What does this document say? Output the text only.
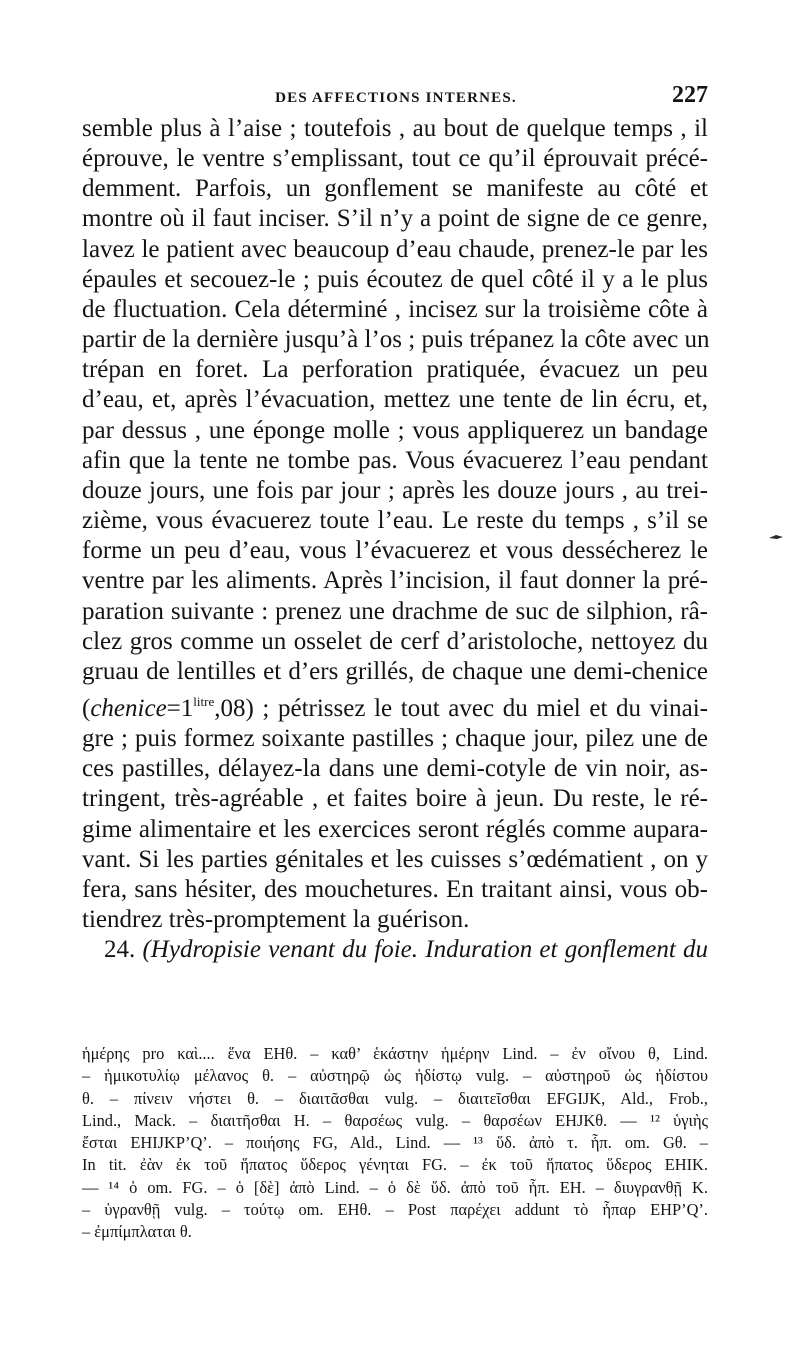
DES AFFECTIONS INTERNES.	227
semble plus à l’aise ; toutefois , au bout de quelque temps , il
éprouve, le ventre s’emplissant, tout ce qu’il éprouvait précé-
demment. Parfois, un gonflement se manifeste au côté et
montre où il faut inciser. S’il n’y a point de signe de ce genre,
lavez le patient avec beaucoup d’eau chaude, prenez-le par les
épaules et secouez-le ; puis écoutez de quel côté il y a le plus
de fluctuation. Cela déterminé , incisez sur la troisième côte à
partir de la dernière jusqu’à l’os ; puis trépanez la côte avec un
trépan en foret. La perforation pratiquée, évacuez un peu
d’eau, et, après l’évacuation, mettez une tente de lin écru, et,
par dessus , une éponge molle ; vous appliquerez un bandage
afin que la tente ne tombe pas. Vous évacuerez l’eau pendant
douze jours, une fois par jour ; après les douze jours , au trei-
zième, vous évacuerez toute l’eau. Le reste du temps , s’il se
forme un peu d’eau, vous l’évacuerez et vous dessécherez le
ventre par les aliments. Après l’incision, il faut donner la pré-
paration suivante : prenez une drachme de suc de silphion, râ-
clez gros comme un osselet de cerf d’aristoloche, nettoyez du
gruau de lentilles et d’ers grillés, de chaque une demi-chenice
$(chenice=1^{litre},08)$ ; pétrissez le tout avec du miel et du vinai-
gre ; puis formez soixante pastilles ; chaque jour, pilez une de
ces pastilles, délayez-la dans une demi-cotyle de vin noir, as-
tringent, très-agréable , et faites boire à jeun. Du reste, le ré-
gime alimentaire et les exercices seront réglés comme aupara-
vant. Si les parties génitales et les cuisses s’œdématient , on y
fera, sans hésiter, des mouchetures. En traitant ainsi, vous ob-
tiendrez très-promptement la guérison.
24. (Hydropisie venant du foie. Induration et gonflement du
ἡμέρης pro καὶ.... ἕνα EHθ. – καθ’ ἑκάστην ἡμέρην Lind. – ἐν οἴνου θ, Lind.
– ἡμικοτυλίῳ μέλανος θ. – αὐστηρῷ ὡς ἡδίστῳ vulg. – αὐστηροῦ ὡς ἡδίστου
θ. – πίνειν νήστει θ. – διαιτᾶσθαι vulg. – διαιτεῖσθαι EFGIJK, Ald., Frob.,
Lind., Mack. – διαιτῆσθαι H. – θαρσέως vulg. – θαρσέων EHJKθ. — ¹² ὑγιὴς
ἔσται EHIJKP’Q’. – ποιήσης FG, Ald., Lind. — ¹³ ὕδ. ἀπὸ τ. ἧπ. om. Gθ. –
In tit. ἐὰν ἐκ τοῦ ἥπατος ὕδερος γένηται FG. – ἐκ τοῦ ἥπατος ὕδερος EHIK.
— ¹⁴ ὁ om. FG. – ὁ [δὲ] ἀπὸ Lind. – ὁ δὲ ὕδ. ἀπὸ τοῦ ἧπ. EH. – διυγρανθῇ K.
– ὑγρανθῇ vulg. – τούτῳ om. EHθ. – Post παρέχει addunt τὸ ἧπαρ EHP’Q’.
– ἐμπίμπλαται θ.
